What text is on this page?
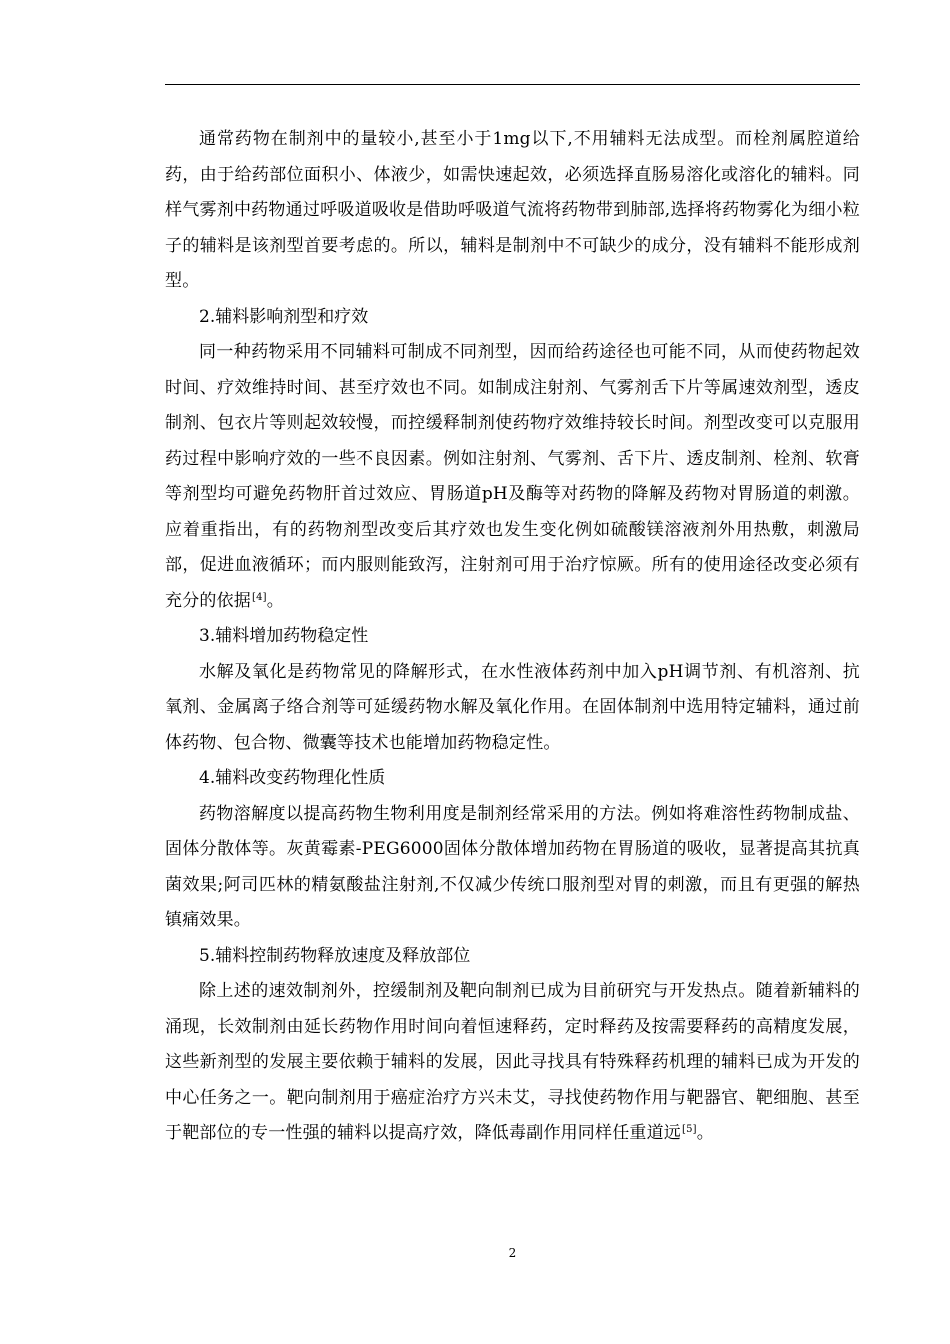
通常药物在制剂中的量较小,甚至小于1mg以下,不用辅料无法成型。而栓剂属腔道给药，由于给药部位面积小、体液少，如需快速起效，必须选择直肠易溶化或溶化的辅料。同样气雾剂中药物通过呼吸道吸收是借助呼吸道气流将药物带到肺部,选择将药物雾化为细小粒子的辅料是该剂型首要考虑的。所以，辅料是制剂中不可缺少的成分，没有辅料不能形成剂型。

2.辅料影响剂型和疗效

同一种药物采用不同辅料可制成不同剂型，因而给药途径也可能不同，从而使药物起效时间、疗效维持时间、甚至疗效也不同。如制成注射剂、气雾剂舌下片等属速效剂型，透皮制剂、包衣片等则起效较慢，而控缓释制剂使药物疗效维持较长时间。剂型改变可以克服用药过程中影响疗效的一些不良因素。例如注射剂、气雾剂、舌下片、透皮制剂、栓剂、软膏等剂型均可避免药物肝首过效应、胃肠道pH及酶等对药物的降解及药物对胃肠道的刺激。应着重指出，有的药物剂型改变后其疗效也发生变化例如硫酸镁溶液剂外用热敷，刺激局部，促进血液循环；而内服则能致泻，注射剂可用于治疗惊厥。所有的使用途径改变必须有充分的依据[4]。

3.辅料增加药物稳定性

水解及氧化是药物常见的降解形式，在水性液体药剂中加入pH调节剂、有机溶剂、抗氧剂、金属离子络合剂等可延缓药物水解及氧化作用。在固体制剂中选用特定辅料，通过前体药物、包合物、微囊等技术也能增加药物稳定性。

4.辅料改变药物理化性质

药物溶解度以提高药物生物利用度是制剂经常采用的方法。例如将难溶性药物制成盐、固体分散体等。灰黄霉素-PEG6000固体分散体增加药物在胃肠道的吸收，显著提高其抗真菌效果;阿司匹林的精氨酸盐注射剂,不仅减少传统口服剂型对胃的刺激，而且有更强的解热镇痛效果。

5.辅料控制药物释放速度及释放部位

除上述的速效制剂外，控缓制剂及靶向制剂已成为目前研究与开发热点。随着新辅料的涌现，长效制剂由延长药物作用时间向着恒速释药，定时释药及按需要释药的高精度发展，这些新剂型的发展主要依赖于辅料的发展，因此寻找具有特殊释药机理的辅料已成为开发的中心任务之一。靶向制剂用于癌症治疗方兴未艾，寻找使药物作用与靶器官、靶细胞、甚至于靶部位的专一性强的辅料以提高疗效，降低毒副作用同样任重道远[5]。

2
